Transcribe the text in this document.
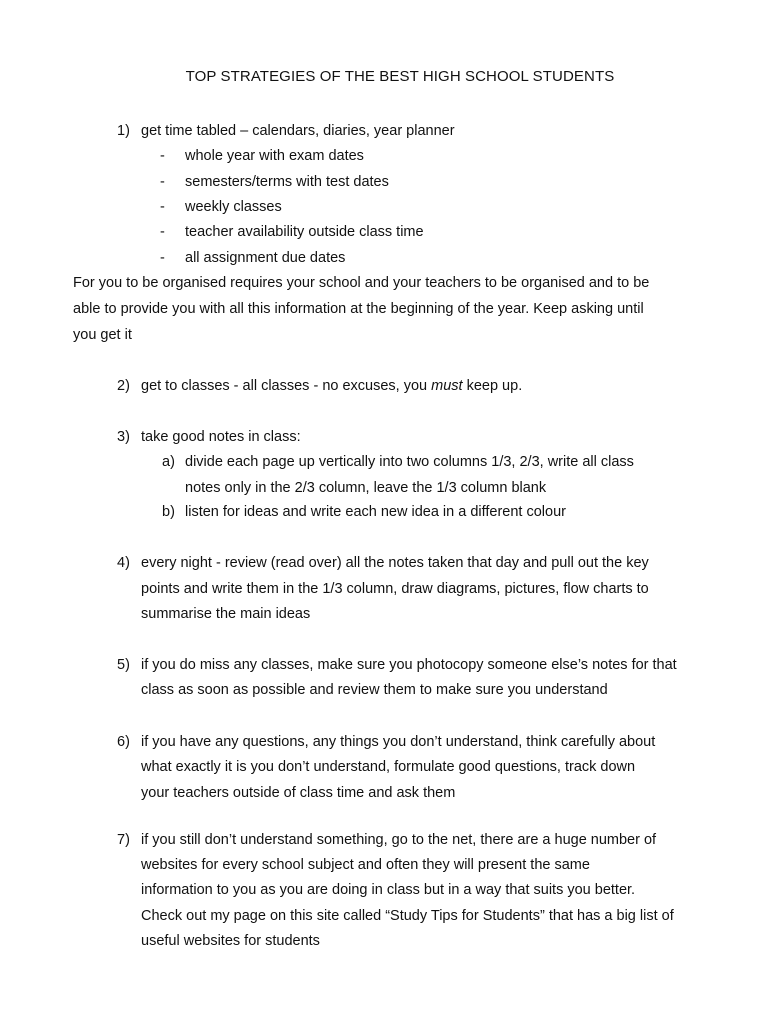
TOP STRATEGIES OF THE BEST HIGH SCHOOL STUDENTS
1) get time tabled – calendars, diaries, year planner
- whole year with exam dates
- semesters/terms with test dates
- weekly classes
- teacher availability outside class time
- all assignment due dates
For you to be organised requires your school and your teachers to be organised and to be
able to provide you with all this information at the beginning of the year. Keep asking until
you get it
2) get to classes - all classes - no excuses, you must keep up.
3) take good notes in class:
a) divide each page up vertically into two columns 1/3, 2/3, write all class
notes only in the 2/3 column, leave the 1/3 column blank
b) listen for ideas and write each new idea in a different colour
4) every night - review (read over) all the notes taken that day and pull out the key
points and write them in the 1/3 column, draw diagrams, pictures, flow charts to
summarise the main ideas
5) if you do miss any classes, make sure you photocopy someone else’s notes for that
class as soon as possible and review them to make sure you understand
6) if you have any questions, any things you don’t understand, think carefully about
what exactly it is you don’t understand, formulate good questions, track down
your teachers outside of class time and ask them
7) if you still don’t understand something, go to the net, there are a huge number of
websites for every school subject and often they will present the same
information to you as you are doing in class but in a way that suits you better.
Check out my page on this site called “Study Tips for Students” that has a big list of
useful websites for students
